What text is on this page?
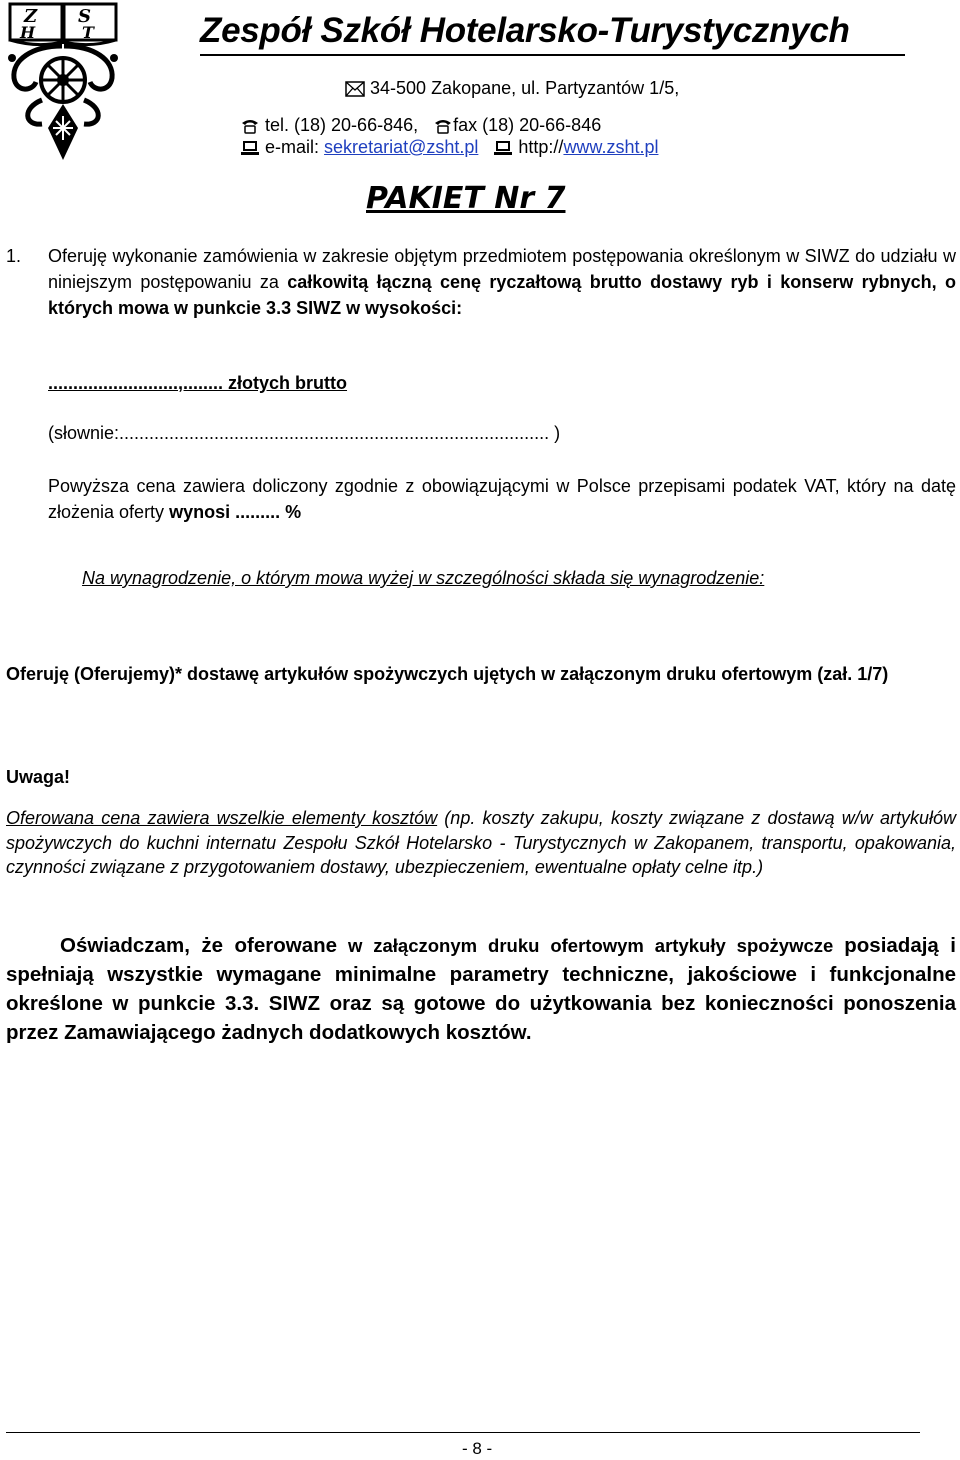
Z S
H	T	Zespół Szkół Hotelarsko-Turystycznych
34-500 Zakopane, ul. Partyzantów 1/5,
tel. (18) 20-66-846, fax (18) 20-66-846
e-mail: sekretariat@zsht.pl http://www.zsht.pl
PAKIET Nr 7
1. Oferuję wykonanie zamówienia w zakresie objętym przedmiotem postępowania określonym w SIWZ do udziału w niniejszym postępowaniu za całkowitą łączną cenę ryczałtową brutto dostawy ryb i konserw rybnych, o których mowa w punkcie 3.3 SIWZ w wysokości:
..........................,........ złotych brutto
(słownie:...................................................................................... )
Powyższa cena zawiera doliczony zgodnie z obowiązującymi w Polsce przepisami podatek VAT, który na datę złożenia oferty wynosi ......... %
Na wynagrodzenie, o którym mowa wyżej w szczególności składa się wynagrodzenie:
Oferuję (Oferujemy)* dostawę artykułów spożywczych ujętych w załączonym druku ofertowym (zał. 1/7)
Uwaga!
Oferowana cena zawiera wszelkie elementy kosztów (np. koszty zakupu, koszty związane z dostawą w/w artykułów spożywczych do kuchni internatu Zespołu Szkół Hotelarsko - Turystycznych w Zakopanem, transportu, opakowania, czynności związane z przygotowaniem dostawy, ubezpieczeniem, ewentualne opłaty celne itp.)
Oświadczam, że oferowane w załączonym druku ofertowym artykuły spożywcze posiadają i spełniają wszystkie wymagane minimalne parametry techniczne, jakościowe i funkcjonalne określone w punkcie 3.3. SIWZ oraz są gotowe do użytkowania bez konieczności ponoszenia przez Zamawiającego żadnych dodatkowych kosztów.
- 8 -
